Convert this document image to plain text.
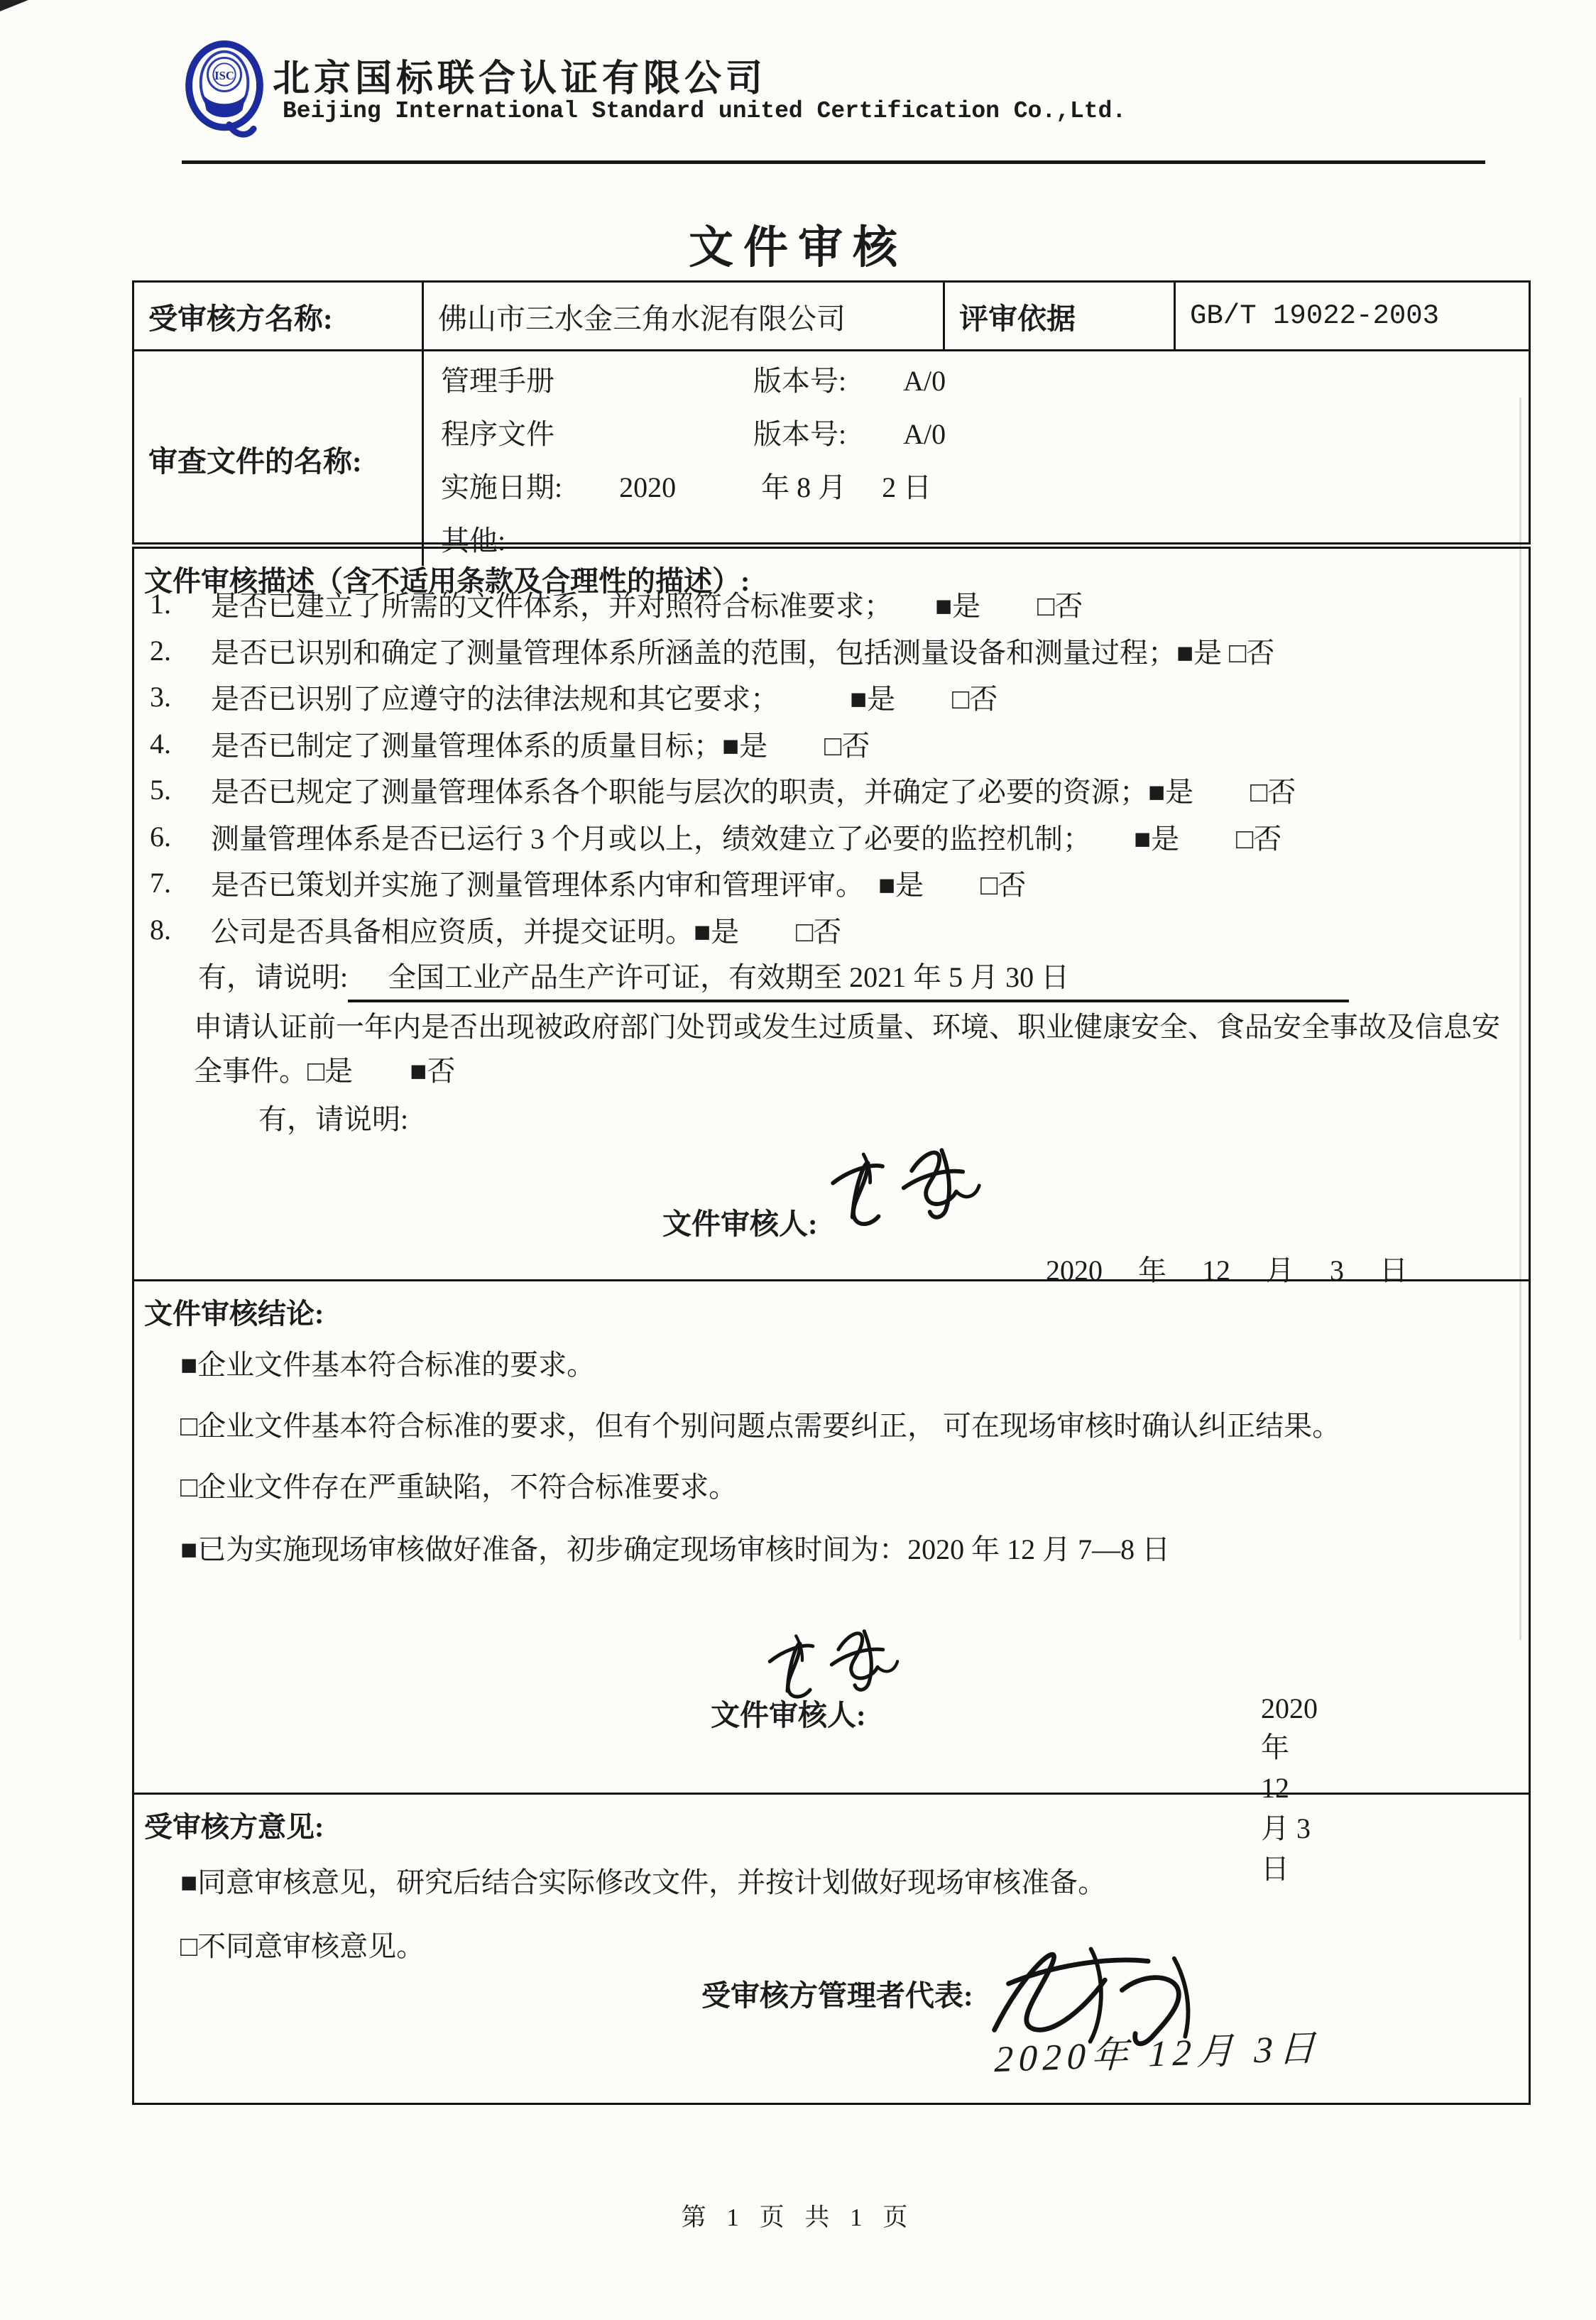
ISC 北京国标联合认证有限公司
Beijing International Standard united Certification Co.,Ltd.
文件审核
受审核方名称:	佛山市三水金三角水泥有限公司	评审依据	GB/T 19022-2003
审查文件的名称:
管理手册　　　　　　　版本号:　　A/0
程序文件　　　　　　　版本号:　　A/0
实施日期:　　2020　　　年 8 月　 2 日
其他:
文件审核描述（含不适用条款及合理性的描述）:
1.	是否已建立了所需的文件体系，并对照符合标准要求；　　■是　　□否
2.	是否已识别和确定了测量管理体系所涵盖的范围，包括测量设备和测量过程；■是 □否
3.	是否已识别了应遵守的法律法规和其它要求；　　　■是　　□否
4.	是否已制定了测量管理体系的质量目标；■是　　□否
5.	是否已规定了测量管理体系各个职能与层次的职责，并确定了必要的资源；■是　　□否
6.	测量管理体系是否已运行 3 个月或以上，绩效建立了必要的监控机制；　　■是　　□否
7.	是否已策划并实施了测量管理体系内审和管理评审。　■是　　□否
8.	公司是否具备相应资质，并提交证明。■是　　□否
有，请说明:	全国工业产品生产许可证，有效期至 2021 年 5 月 30 日
申请认证前一年内是否出现被政府部门处罚或发生过质量、环境、职业健康安全、食品安全事故及信息安
全事件。□是　　■否
有，请说明:
文件审核人:
2020　 年　 12　 月　 3　 日
文件审核结论:
■企业文件基本符合标准的要求。
□企业文件基本符合标准的要求，但有个别问题点需要纠正， 可在现场审核时确认纠正结果。
□企业文件存在严重缺陷，不符合标准要求。
■已为实施现场审核做好准备，初步确定现场审核时间为：2020 年 12 月 7—8 日
文件审核人:	2020 年 12　 月 3 日
受审核方意见:
■同意审核意见，研究后结合实际修改文件，并按计划做好现场审核准备。
□不同意审核意见。
受审核方管理者代表:
2020年 12月 3日
第 1 页 共 1 页
